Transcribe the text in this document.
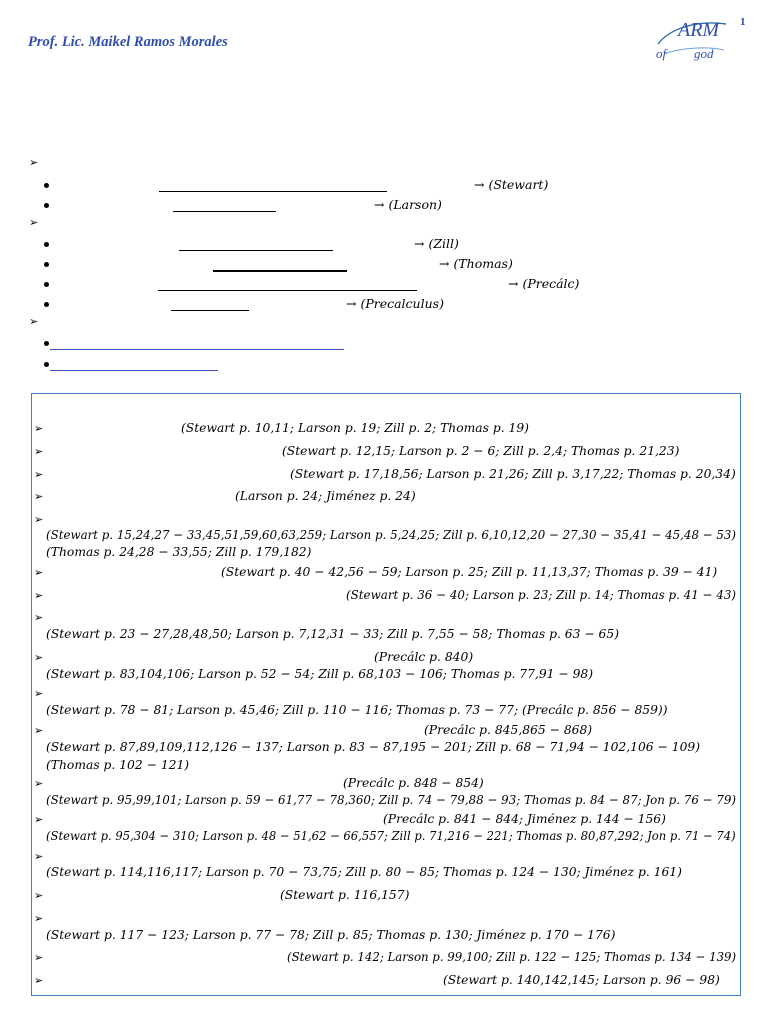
Prof. Lic. Maikel Ramos Morales
1
ARM
of god
➢
→ (Stewart)
→ (Larson)
➢
→ (Zill)
→ (Thomas)
→ (Precálc)
→ (Precalculus)
➢
➢	(Stewart p. 10,11; Larson p. 19; Zill p. 2; Thomas p. 19)
➢	(Stewart p. 12,15; Larson p. 2 − 6; Zill p. 2,4; Thomas p. 21,23)
➢	(Stewart p. 17,18,56; Larson p. 21,26; Zill p. 3,17,22; Thomas p. 20,34)
➢	(Larson p. 24; Jiménez p. 24)
➢
(Stewart p. 15,24,27 − 33,45,51,59,60,63,259; Larson p. 5,24,25; Zill p. 6,10,12,20 − 27,30 − 35,41 − 45,48 − 53)
(Thomas p. 24,28 − 33,55; Zill p. 179,182)
➢	(Stewart p. 40 − 42,56 − 59; Larson p. 25; Zill p. 11,13,37; Thomas p. 39 − 41)
➢	(Stewart p. 36 − 40; Larson p. 23; Zill p. 14; Thomas p. 41 − 43)
➢
(Stewart p. 23 − 27,28,48,50; Larson p. 7,12,31 − 33; Zill p. 7,55 − 58; Thomas p. 63 − 65)
➢	(Precálc p. 840)
(Stewart p. 83,104,106; Larson p. 52 − 54; Zill p. 68,103 − 106; Thomas p. 77,91 − 98)
➢
(Stewart p. 78 − 81; Larson p. 45,46; Zill p. 110 − 116; Thomas p. 73 − 77; (Precálc p. 856 − 859))
➢	(Precálc p. 845,865 − 868)
(Stewart p. 87,89,109,112,126 − 137; Larson p. 83 − 87,195 − 201; Zill p. 68 − 71,94 − 102,106 − 109)
(Thomas p. 102 − 121)
➢	(Precálc p. 848 − 854)
(Stewart p. 95,99,101; Larson p. 59 − 61,77 − 78,360; Zill p. 74 − 79,88 − 93; Thomas p. 84 − 87; Jon p. 76 − 79)
➢	(Precálc p. 841 − 844; Jiménez p. 144 − 156)
(Stewart p. 95,304 − 310; Larson p. 48 − 51,62 − 66,557; Zill p. 71,216 − 221; Thomas p. 80,87,292; Jon p. 71 − 74)
➢
(Stewart p. 114,116,117; Larson p. 70 − 73,75; Zill p. 80 − 85; Thomas p. 124 − 130; Jiménez p. 161)
➢	(Stewart p. 116,157)
➢
(Stewart p. 117 − 123; Larson p. 77 − 78; Zill p. 85; Thomas p. 130; Jiménez p. 170 − 176)
➢	(Stewart p. 142; Larson p. 99,100; Zill p. 122 − 125; Thomas p. 134 − 139)
➢	(Stewart p. 140,142,145; Larson p. 96 − 98)
